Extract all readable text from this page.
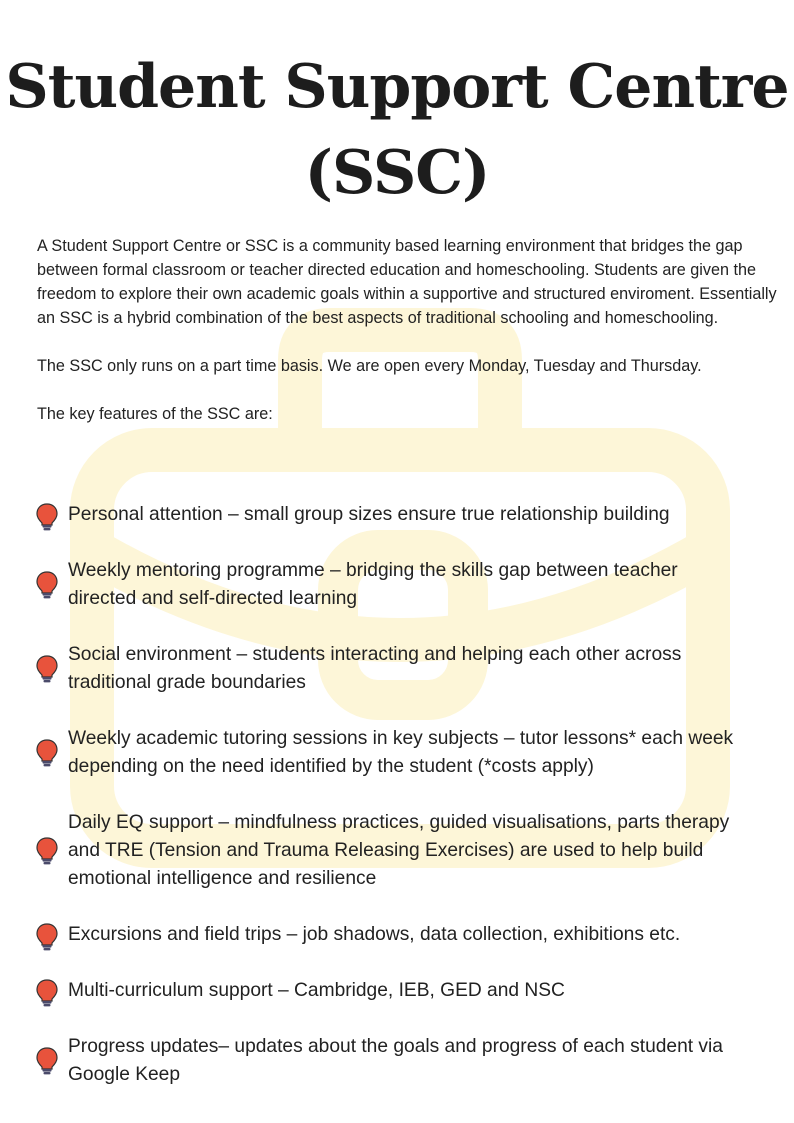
Student Support Centre (SSC)

A Student Support Centre or SSC is a community based learning environment that bridges the gap between formal classroom or teacher directed education and homeschooling. Students are given the freedom to explore their own academic goals within a supportive and structured enviroment. Essentially an SSC is a hybrid combination of the best aspects of traditional schooling and homeschooling.

The SSC only runs on a part time basis. We are open every Monday, Tuesday and Thursday.

The key features of the SSC are:

Personal attention – small group sizes ensure true relationship building
Weekly mentoring programme – bridging the skills gap between teacher directed and self-directed learning
Social environment – students interacting and helping each other across traditional grade boundaries
Weekly academic tutoring sessions in key subjects – tutor lessons* each week depending on the need identified by the student (*costs apply)
Daily EQ support – mindfulness practices, guided visualisations, parts therapy and TRE (Tension and Trauma Releasing Exercises) are used to help build emotional intelligence and resilience
Excursions and field trips – job shadows, data collection, exhibitions etc.
Multi-curriculum support – Cambridge, IEB, GED and NSC
Progress updates– updates about the goals and progress of each student via Google Keep
